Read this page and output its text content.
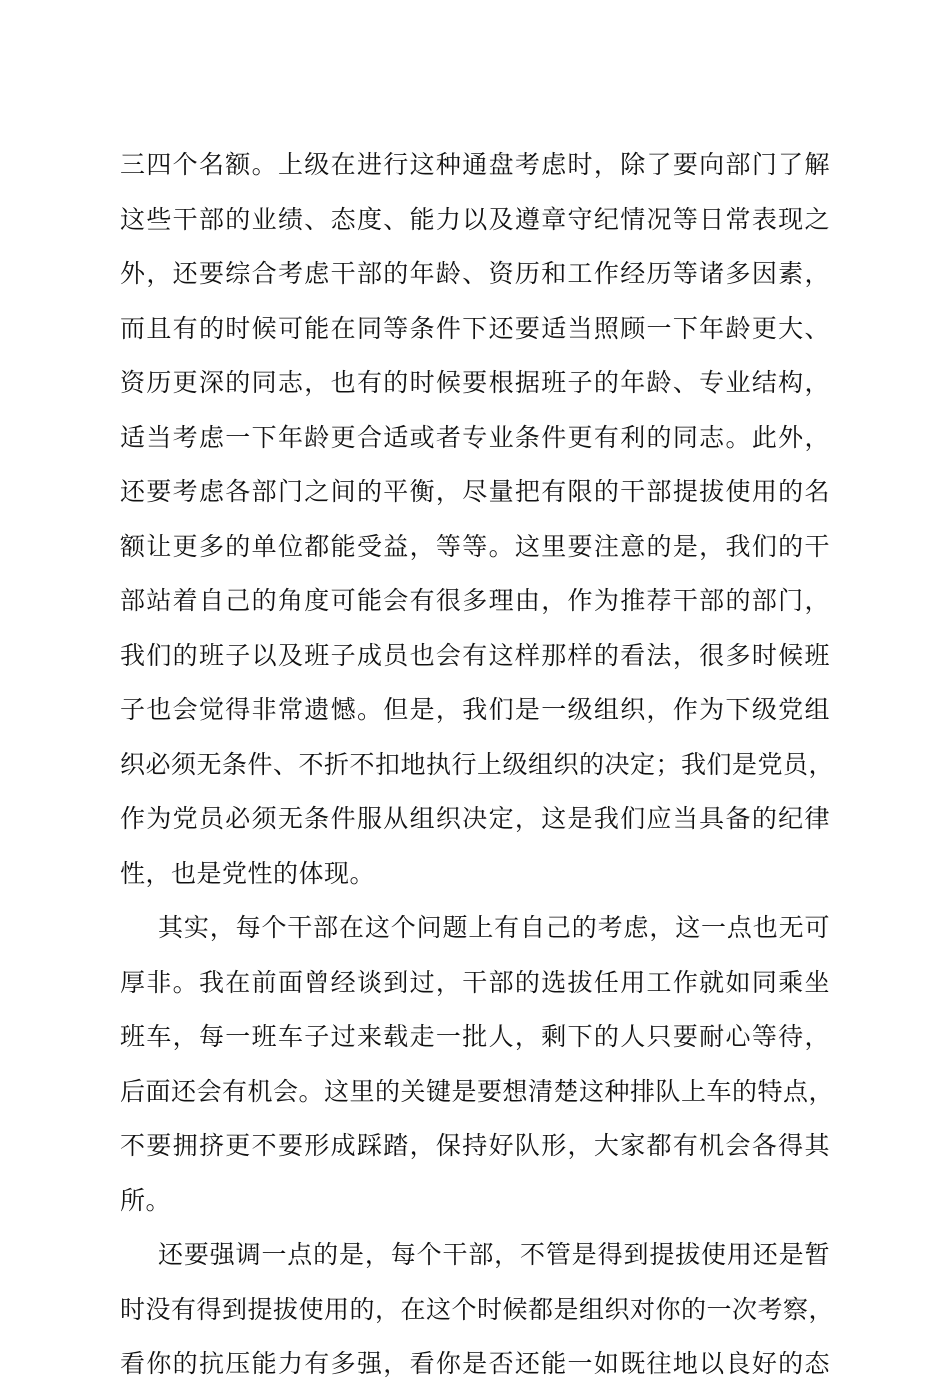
三四个名额。上级在进行这种通盘考虑时，除了要向部门了解
这些干部的业绩、态度、能力以及遵章守纪情况等日常表现之
外，还要综合考虑干部的年龄、资历和工作经历等诸多因素，
而且有的时候可能在同等条件下还要适当照顾一下年龄更大、
资历更深的同志，也有的时候要根据班子的年龄、专业结构，
适当考虑一下年龄更合适或者专业条件更有利的同志。此外，
还要考虑各部门之间的平衡，尽量把有限的干部提拔使用的名
额让更多的单位都能受益，等等。这里要注意的是，我们的干
部站着自己的角度可能会有很多理由，作为推荐干部的部门，
我们的班子以及班子成员也会有这样那样的看法，很多时候班
子也会觉得非常遗憾。但是，我们是一级组织，作为下级党组
织必须无条件、不折不扣地执行上级组织的决定；我们是党员，
作为党员必须无条件服从组织决定，这是我们应当具备的纪律
性，也是党性的体现。
其实，每个干部在这个问题上有自己的考虑，这一点也无可
厚非。我在前面曾经谈到过，干部的选拔任用工作就如同乘坐
班车，每一班车子过来载走一批人，剩下的人只要耐心等待，
后面还会有机会。这里的关键是要想清楚这种排队上车的特点，
不要拥挤更不要形成踩踏，保持好队形，大家都有机会各得其
所。
还要强调一点的是，每个干部，不管是得到提拔使用还是暂
时没有得到提拔使用的，在这个时候都是组织对你的一次考察，
看你的抗压能力有多强，看你是否还能一如既往地以良好的态
